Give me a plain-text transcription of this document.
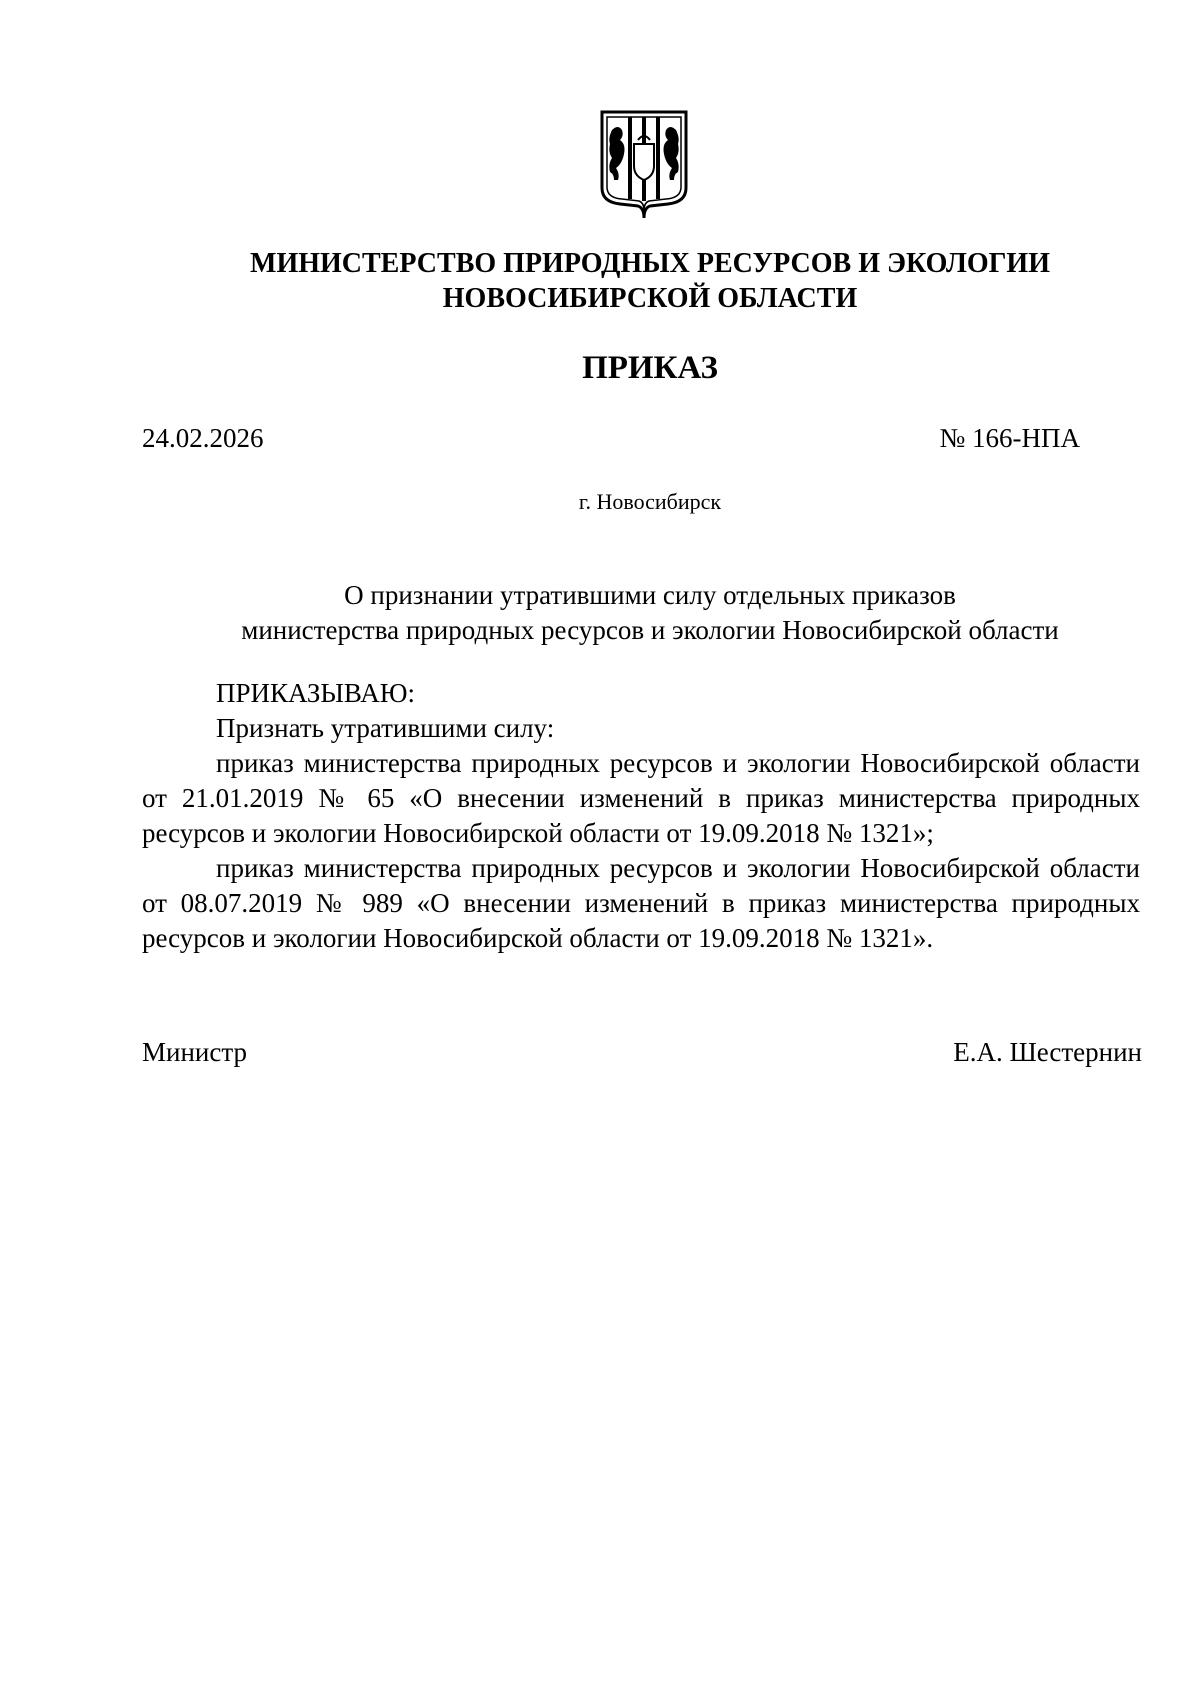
МИНИСТЕРСТВО ПРИРОДНЫХ РЕСУРСОВ И ЭКОЛОГИИ
НОВОСИБИРСКОЙ ОБЛАСТИ
ПРИКАЗ
24.02.2026	№ 166-НПА
г. Новосибирск
О признании утратившими силу отдельных приказов
министерства природных ресурсов и экологии Новосибирской области

ПРИКАЗЫВАЮ:

Признать утратившими силу:

приказ министерства природных ресурсов и экологии Новосибирской области от 21.01.2019 № 65 «О внесении изменений в приказ министерства природных ресурсов и экологии Новосибирской области от 19.09.2018 № 1321»;

приказ министерства природных ресурсов и экологии Новосибирской области от 08.07.2019 № 989 «О внесении изменений в приказ министерства природных ресурсов и экологии Новосибирской области от 19.09.2018 № 1321».

Министр	Е.А. Шестернин
